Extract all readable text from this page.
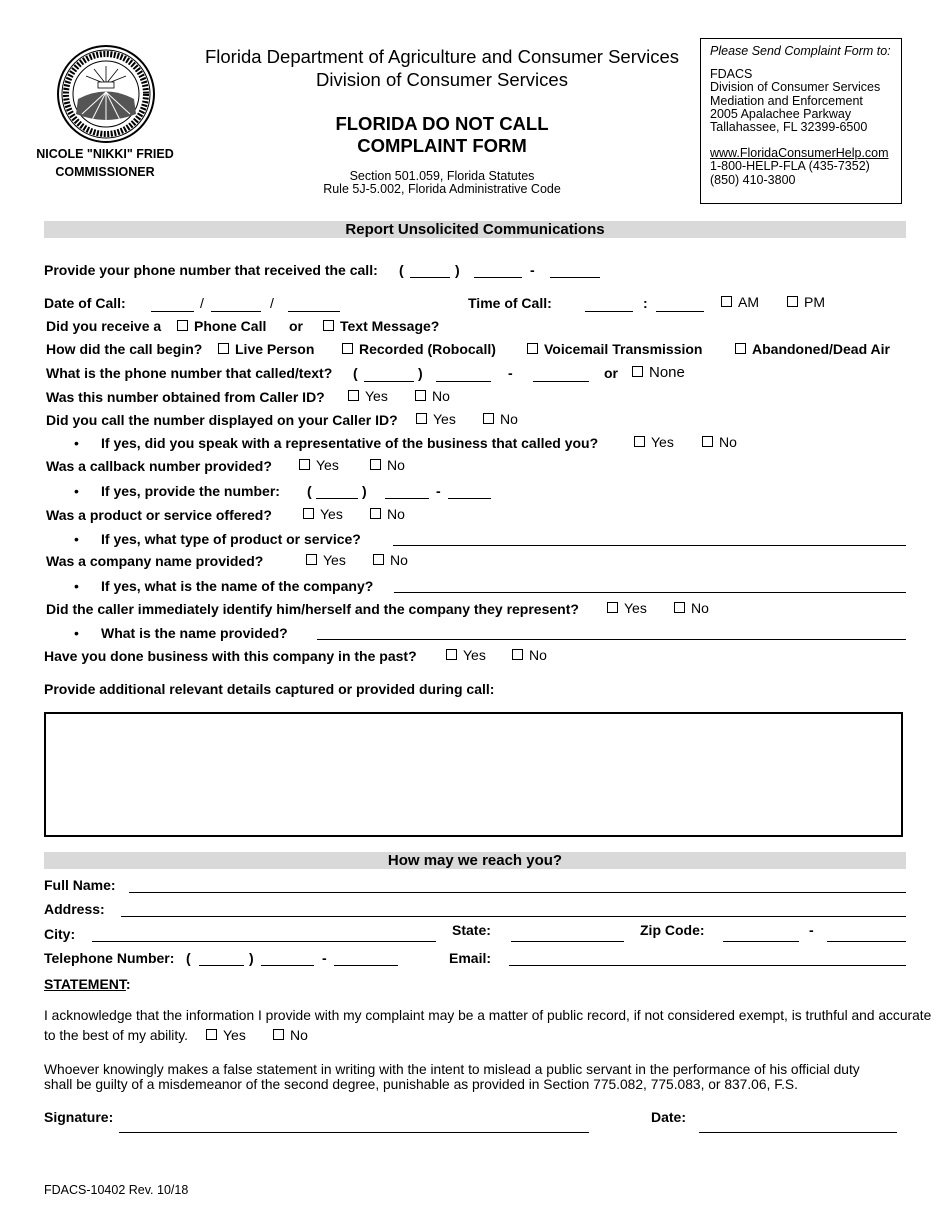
NICOLE "NIKKI" FRIED
COMMISSIONER
Florida Department of Agriculture and Consumer Services
Division of Consumer Services
FLORIDA DO NOT CALL
COMPLAINT FORM
Section 501.059, Florida Statutes
Rule 5J-5.002, Florida Administrative Code
Please Send Complaint Form to:
FDACS
Division of Consumer Services
Mediation and Enforcement
2005 Apalachee Parkway
Tallahassee, FL 32399-6500
www.FloridaConsumerHelp.com
1-800-HELP-FLA (435-7352)
(850) 410-3800
Report Unsolicited Communications
Provide your phone number that received the call: (	)	-
Date of Call:	/	/	Time of Call:	:	AM	PM
Did you receive a	Phone Call or	Text Message?
How did the call begin?	Live Person	Recorded (Robocall)	Voicemail Transmission	Abandoned/Dead Air
What is the phone number that called/text? (	)	-	or	None
Was this number obtained from Caller ID?	Yes	No
Did you call the number displayed on your Caller ID?	Yes	No
• If yes, did you speak with a representative of the business that called you?	Yes	No
Was a callback number provided?	Yes	No
• If yes, provide the number: (	)	-
Was a product or service offered?	Yes	No
• If yes, what type of product or service?
Was a company name provided?	Yes	No
• If yes, what is the name of the company?
Did the caller immediately identify him/herself and the company they represent?	Yes	No
• What is the name provided?
Have you done business with this company in the past?	Yes	No
Provide additional relevant details captured or provided during call:
How may we reach you?
Full Name:
Address:
City:	State:	Zip Code:	-
Telephone Number: (	)	-	Email:
STATEMENT:
I acknowledge that the information I provide with my complaint may be a matter of public record, if not considered exempt, is truthful and accurate
to the best of my ability.	Yes	No
Whoever knowingly makes a false statement in writing with the intent to mislead a public servant in the performance of his official duty
shall be guilty of a misdemeanor of the second degree, punishable as provided in Section 775.082, 775.083, or 837.06, F.S.
Signature:	Date:
FDACS-10402 Rev. 10/18
